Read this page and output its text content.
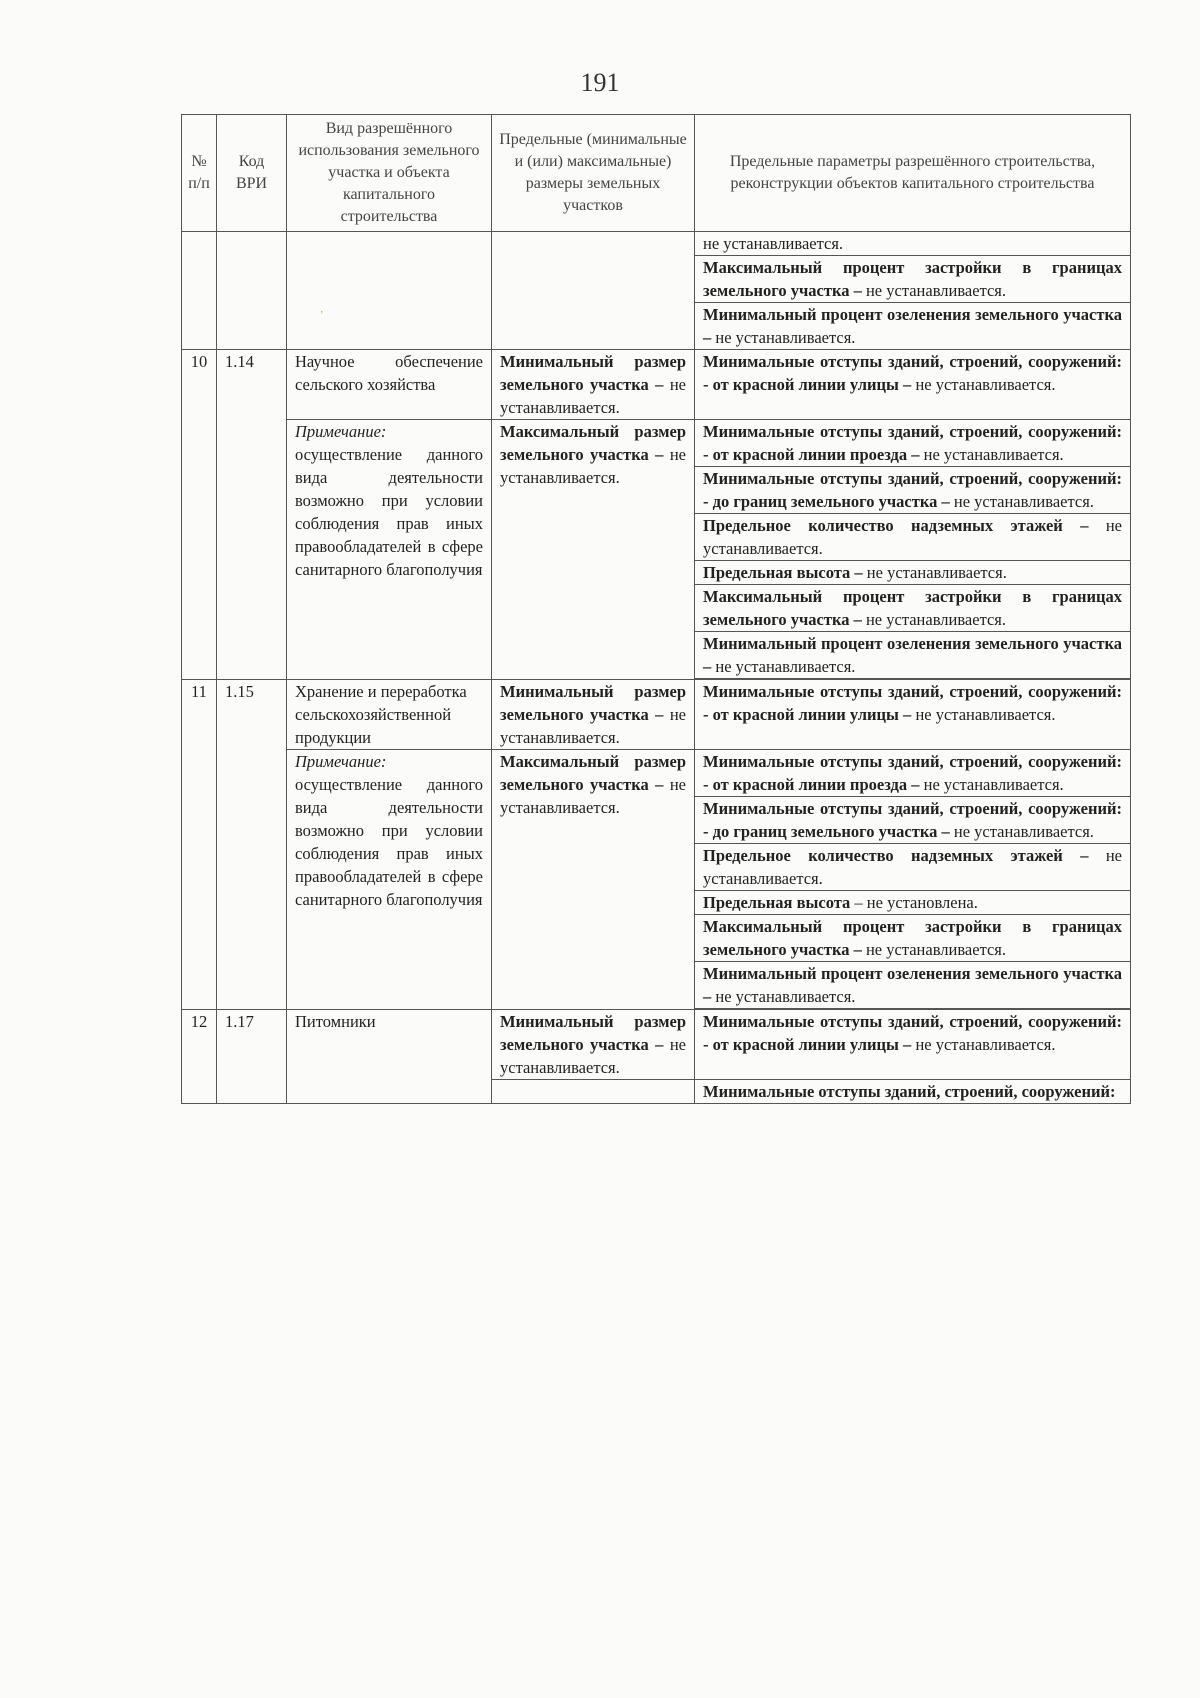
191
‚
№ п/п	Код ВРИ	Вид разрешённого использования земельного участка и объекта капитального строительства	Предельные (минимальные и (или) максимальные) размеры земельных участков	Предельные параметры разрешённого строительства, реконструкции объектов капитального строительства
				не устанавливается.
				Максимальный процент застройки в границах земельного участка – не устанавливается.
				Минимальный процент озеленения земельного участка – не устанавливается.
10	1.14	Научное обеспечение сельского хозяйства	Минимальный размер земельного участка – не устанавливается.	Минимальные отступы зданий, строений, сооружений: - от красной линии улицы – не устанавливается.
		Примечание: осуществление данного вида деятельности возможно при условии соблюдения прав иных правообладателей в сфере санитарного благополучия	Максимальный размер земельного участка – не устанавливается.	Минимальные отступы зданий, строений, сооружений: - от красной линии проезда – не устанавливается.
				Минимальные отступы зданий, строений, сооружений: - до границ земельного участка – не устанавливается.
				Предельное количество надземных этажей – не устанавливается.
				Предельная высота – не устанавливается.
				Максимальный процент застройки в границах земельного участка – не устанавливается.
				Минимальный процент озеленения земельного участка – не устанавливается.

11	1.15	Хранение и переработка сельскохозяйственной продукции	Минимальный размер земельного участка – не устанавливается.	Минимальные отступы зданий, строений, сооружений: - от красной линии улицы – не устанавливается.
		Примечание: осуществление данного вида деятельности возможно при условии соблюдения прав иных правообладателей в сфере санитарного благополучия	Максимальный размер земельного участка – не устанавливается.	Минимальные отступы зданий, строений, сооружений: - от красной линии проезда – не устанавливается.
				Минимальные отступы зданий, строений, сооружений: - до границ земельного участка – не устанавливается.
				Предельное количество надземных этажей – не устанавливается.
				Предельная высота – не установлена.
				Максимальный процент застройки в границах земельного участка – не устанавливается.
				Минимальный процент озеленения земельного участка – не устанавливается.

12	1.17	Питомники	Минимальный размер земельного участка – не устанавливается.	Минимальные отступы зданий, строений, сооружений: - от красной линии улицы – не устанавливается.
				Минимальные отступы зданий, строений, сооружений:
